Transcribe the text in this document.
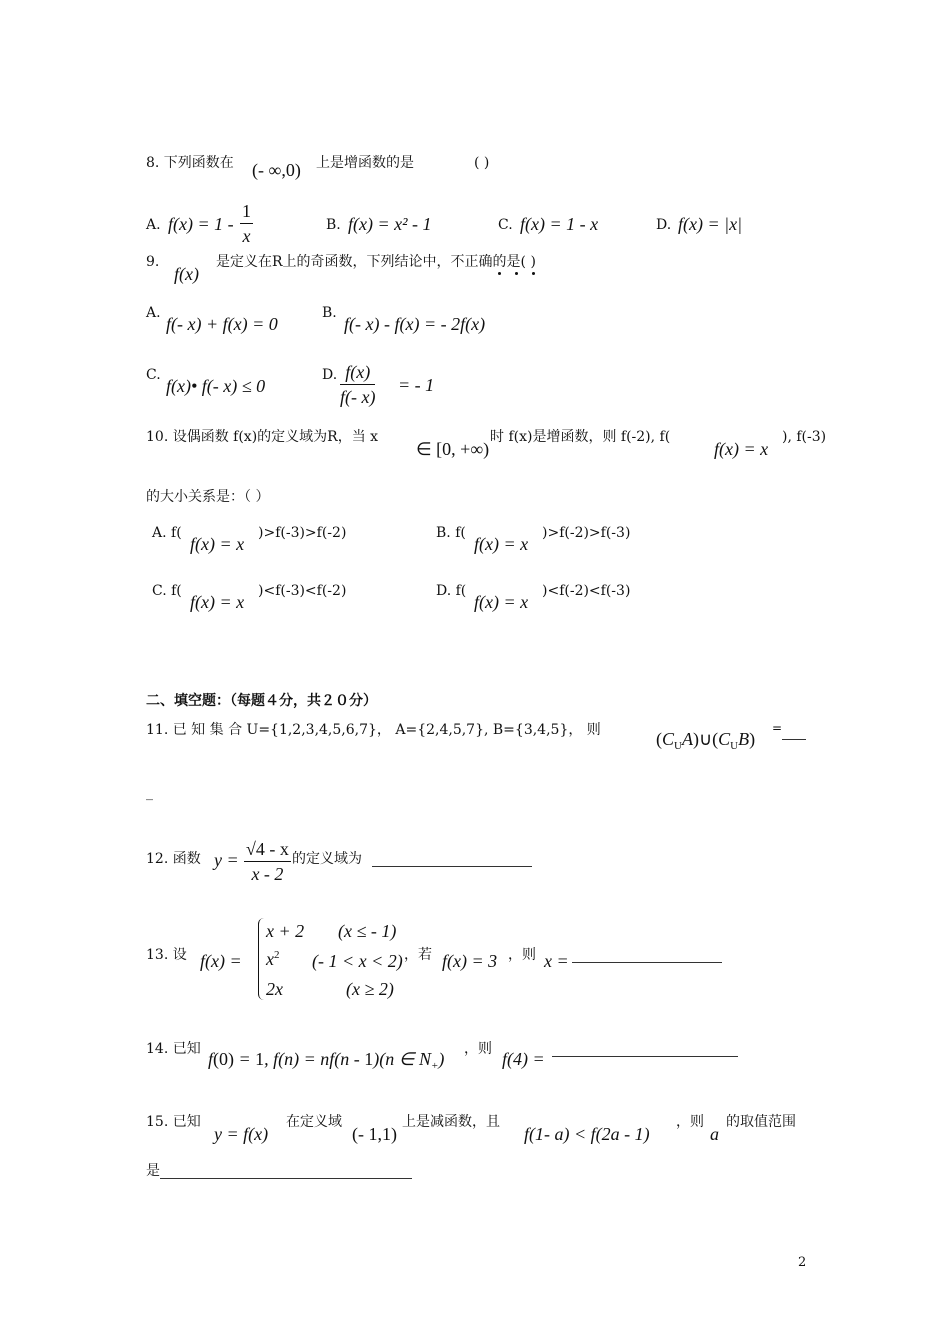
8. 下列函数在 (- ∞,0) 上是增函数的是	( )
A. $f(x) = 1 - \frac{1}{x}$	B. f(x) = x² - 1	C. f(x) = 1 - x	D. f(x) = |x|
9.
f(x)
是定义在R上的奇函数，下列结论中，不正确的是( )
A.
f(- x) + f(x) = 0
B.
f(- x) - f(x) = - 2f(x)
C.
f(x)• f(- x) ≤ 0
D. $\frac{f(x)}{f(- x)}$ = - 1
10. 设偶函数 f(x)的定义域为R，当 x
∈ [0, +∞)
时 f(x)是增函数，则 f(-2), f(
f(x) = x
), f(-3)
的大小关系是：（ ）
A. f(
f(x) = x
)>f(-3)>f(-2)	B. f(
f(x) = x
)>f(-2)>f(-3)
C. f(
f(x) = x
)<f(-3)<f(-2)	D. f(
f(x) = x
)<f(-2)<f(-3)
二、填空题：（每题４分，共２０分）
11. 已 知 集 合 U={1,2,3,4,5,6,7}， A={2,4,5,7}, B={3,4,5}， 则	$(C_UA)\cup(C_UB)$
=
_
12. 函数 $y = \frac{√4 - x}{x - 2}$ 的定义域为
13. 设 f(x) =
x + 2 (x ≤ - 1)
$x^2$ (- 1 < x < 2)
2x	(x ≥ 2)
，若 f(x) = 3 ，则 x =
14. 已知 f(0) = 1, f(n) = nf(n - 1)(n ∈ $N_+$) ，则 f(4) =
15. 已知
y = f(x)
在定义域
(- 1,1)
上是减函数，且
f(1- a) < f(2a - 1)
，则
a
的取值范围
是
2
